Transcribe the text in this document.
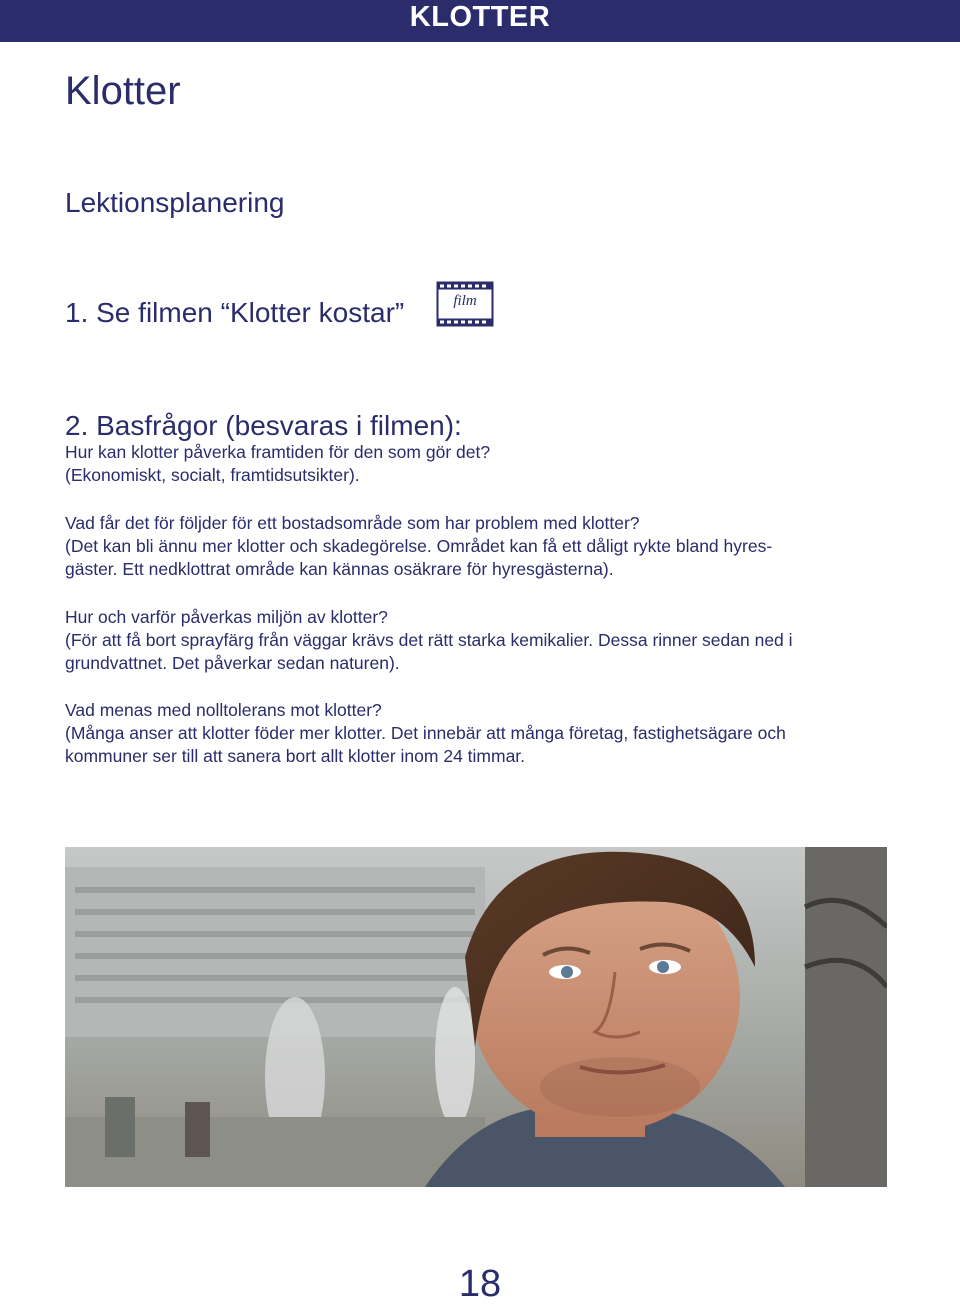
KLOTTER
Klotter
Lektionsplanering
1. Se filmen “Klotter kostar”	film
2. Basfrågor (besvaras i filmen):

Hur kan klotter påverka framtiden för den som gör det?

(Ekonomiskt, socialt, framtidsutsikter).

Vad får det för följder för ett bostadsområde som har problem med klotter?

(Det kan bli ännu mer klotter och skadegörelse. Området kan få ett dåligt rykte bland hyres-

gäster. Ett nedklottrat område kan kännas osäkrare för hyresgästerna).

Hur och varför påverkas miljön av klotter?

(För att få bort sprayfärg från väggar krävs det rätt starka kemikalier. Dessa rinner sedan ned i

grundvattnet. Det påverkar sedan naturen).

Vad menas med nolltolerans mot klotter?

(Många anser att klotter föder mer klotter. Det innebär att många företag, fastighetsägare och

kommuner ser till att sanera bort allt klotter inom 24 timmar.

18
